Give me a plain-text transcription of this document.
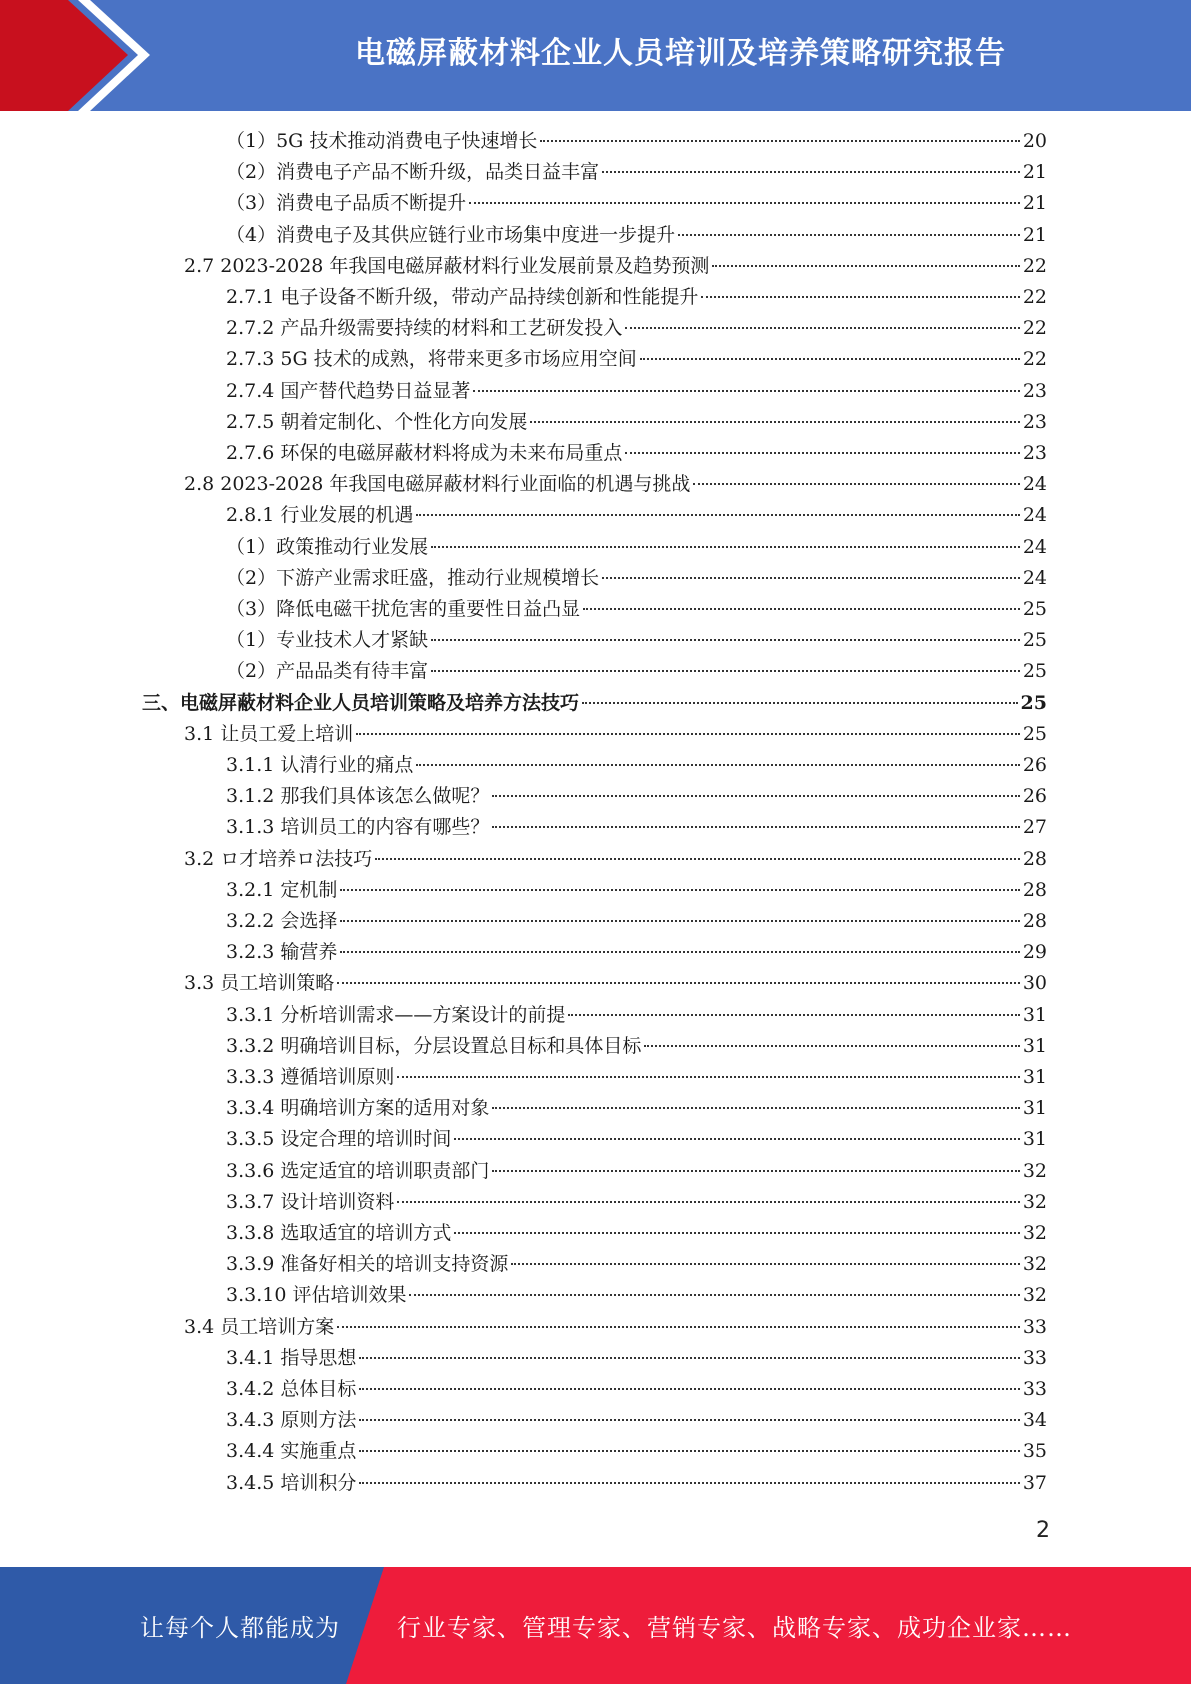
电磁屏蔽材料企业人员培训及培养策略研究报告
（1）5G 技术推动消费电子快速增长	20
（2）消费电子产品不断升级，品类日益丰富	21
（3）消费电子品质不断提升	21
（4）消费电子及其供应链行业市场集中度进一步提升	21
2.7 2023-2028 年我国电磁屏蔽材料行业发展前景及趋势预测	22
2.7.1 电子设备不断升级，带动产品持续创新和性能提升	22
2.7.2 产品升级需要持续的材料和工艺研发投入	22
2.7.3 5G 技术的成熟，将带来更多市场应用空间	22
2.7.4 国产替代趋势日益显著	23
2.7.5 朝着定制化、个性化方向发展	23
2.7.6 环保的电磁屏蔽材料将成为未来布局重点	23
2.8 2023-2028 年我国电磁屏蔽材料行业面临的机遇与挑战	24
2.8.1 行业发展的机遇	24
（1）政策推动行业发展	24
（2）下游产业需求旺盛，推动行业规模增长	24
（3）降低电磁干扰危害的重要性日益凸显	25
（1）专业技术人才紧缺	25
（2）产品品类有待丰富	25
三、电磁屏蔽材料企业人员培训策略及培养方法技巧	25
3.1 让员工爱上培训	25
3.1.1 认清行业的痛点	26
3.1.2 那我们具体该怎么做呢？	26
3.1.3 培训员工的内容有哪些？	27
3.2 ロ才培养ロ法技巧	28
3.2.1 定机制	28
3.2.2 会选择	28
3.2.3 输营养	29
3.3 员工培训策略	30
3.3.1 分析培训需求——方案设计的前提	31
3.3.2 明确培训目标，分层设置总目标和具体目标	31
3.3.3 遵循培训原则	31
3.3.4 明确培训方案的适用对象	31
3.3.5 设定合理的培训时间	31
3.3.6 选定适宜的培训职责部门	32
3.3.7 设计培训资料	32
3.3.8 选取适宜的培训方式	32
3.3.9 准备好相关的培训支持资源	32
3.3.10 评估培训效果	32
3.4 员工培训方案	33
3.4.1 指导思想	33
3.4.2 总体目标	33
3.4.3 原则方法	34
3.4.4 实施重点	35
3.4.5 培训积分	37
2
让每个人都能成为 行业专家、管理专家、营销专家、战略专家、成功企业家……
